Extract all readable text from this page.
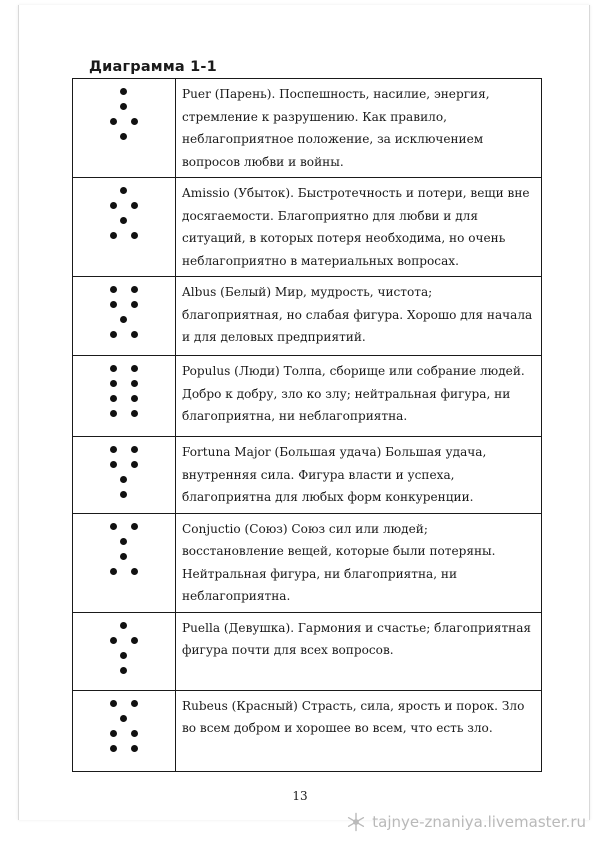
Диаграмма 1-1
	Puer (Парень). Поспешность, насилие, энергия, стремление к разрушению. Как правило, неблагоприятное положение, за исключением вопросов любви и войны.

	Amissio (Убыток). Быстротечность и потери, вещи вне досягаемости. Благоприятно для любви и для ситуаций, в которых потеря необходима, но очень неблагоприятно в материальных вопросах.

	Albus (Белый) Мир, мудрость, чистота; благоприятная, но слабая фигура. Хорошо для начала и для деловых предприятий.

	Populus (Люди) Толпа, сборище или собрание людей. Добро к добру, зло ко злу; нейтральная фигура, ни благоприятна, ни неблагоприятна.

	Fortuna Major (Большая удача) Большая удача, внутренняя сила. Фигура власти и успеха, благоприятна для любых форм конкуренции.

	Conjuctio (Союз) Союз сил или людей; восстановление вещей, которые были потеряны. Нейтральная фигура, ни благоприятна, ни неблагоприятна.

	Puella (Девушка). Гармония и счастье; благоприятная фигура почти для всех вопросов.

	Rubeus (Красный) Страсть, сила, ярость и порок. Зло во всем добром и хорошее во всем, что есть зло.
13
tajnye-znaniya.livemaster.ru
